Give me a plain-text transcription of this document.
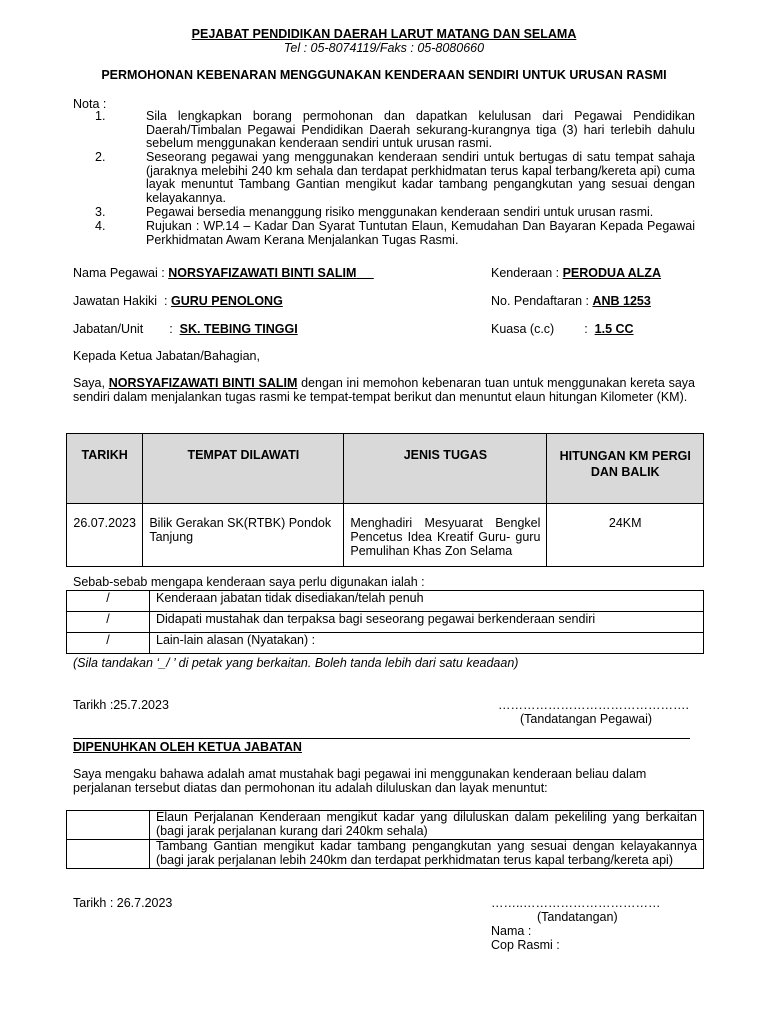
PEJABAT PENDIDIKAN DAERAH LARUT MATANG DAN SELAMA
Tel : 05-8074119/Faks : 05-8080660
PERMOHONAN KEBENARAN MENGGUNAKAN KENDERAAN SENDIRI UNTUK URUSAN RASMI
Nota :
1.	Sila lengkapkan borang permohonan dan dapatkan kelulusan dari Pegawai Pendidikan Daerah/Timbalan Pegawai Pendidikan Daerah sekurang-kurangnya tiga (3) hari terlebih dahulu sebelum menggunakan kenderaan sendiri untuk urusan rasmi.
2.	Seseorang pegawai yang menggunakan kenderaan sendiri untuk bertugas di satu tempat sahaja (jaraknya melebihi 240 km sehala dan terdapat perkhidmatan terus kapal terbang/kereta api) cuma layak menuntut Tambang Gantian mengikut kadar tambang pengangkutan yang sesuai dengan kelayakannya.
3.	Pegawai bersedia menanggung risiko menggunakan kenderaan sendiri untuk urusan rasmi.
4.	Rujukan : WP.14 – Kadar Dan Syarat Tuntutan Elaun, Kemudahan Dan Bayaran Kepada Pegawai Perkhidmatan Awam Kerana Menjalankan Tugas Rasmi.
Nama Pegawai : NORSYAFIZAWATI BINTI SALIM
Jawatan Hakiki  : GURU PENOLONG
Jabatan/Unit :  SK. TEBING TINGGI
Kenderaan : PERODUA ALZA
No. Pendaftaran : ANB 1253
Kuasa (c.c) :  1.5 CC
Kepada Ketua Jabatan/Bahagian,
Saya, NORSYAFIZAWATI BINTI SALIM dengan ini memohon kebenaran tuan untuk menggunakan kereta saya sendiri dalam menjalankan tugas rasmi ke tempat-tempat berikut dan menuntut elaun hitungan Kilometer (KM).
TARIKH	TEMPAT DILAWATI	JENIS TUGAS	HITUNGAN KM PERGI DAN BALIK
26.07.2023	Bilik Gerakan SK(RTBK) Pondok Tanjung	Menghadiri Mesyuarat Bengkel Pencetus Idea Kreatif Guru- guru Pemulihan Khas Zon Selama	24KM
Sebab-sebab mengapa kenderaan saya perlu digunakan ialah :
/	Kenderaan jabatan tidak disediakan/telah penuh
/	Didapati mustahak dan terpaksa bagi seseorang pegawai berkenderaan sendiri
/	Lain-lain alasan (Nyatakan) :
(Sila tandakan ‘_/ ’ di petak yang berkaitan. Boleh tanda lebih dari satu keadaan)
Tarikh :25.7.2023	……………………………………….
(Tandatangan Pegawai)
DIPENUHKAN OLEH KETUA JABATAN
Saya mengaku bahawa adalah amat mustahak bagi pegawai ini menggunakan kenderaan beliau dalam perjalanan tersebut diatas dan permohonan itu adalah diluluskan dan layak menuntut:
	Elaun Perjalanan Kenderaan mengikut kadar yang diluluskan dalam pekeliling yang berkaitan (bagi jarak perjalanan kurang dari 240km sehala)
	Tambang Gantian mengikut kadar tambang pengangkutan yang sesuai dengan kelayakannya (bagi jarak perjalanan lebih 240km dan terdapat perkhidmatan terus kapal terbang/kereta api)
Tarikh : 26.7.2023	……..……………………………
(Tandatangan)
Nama :
Cop Rasmi :
